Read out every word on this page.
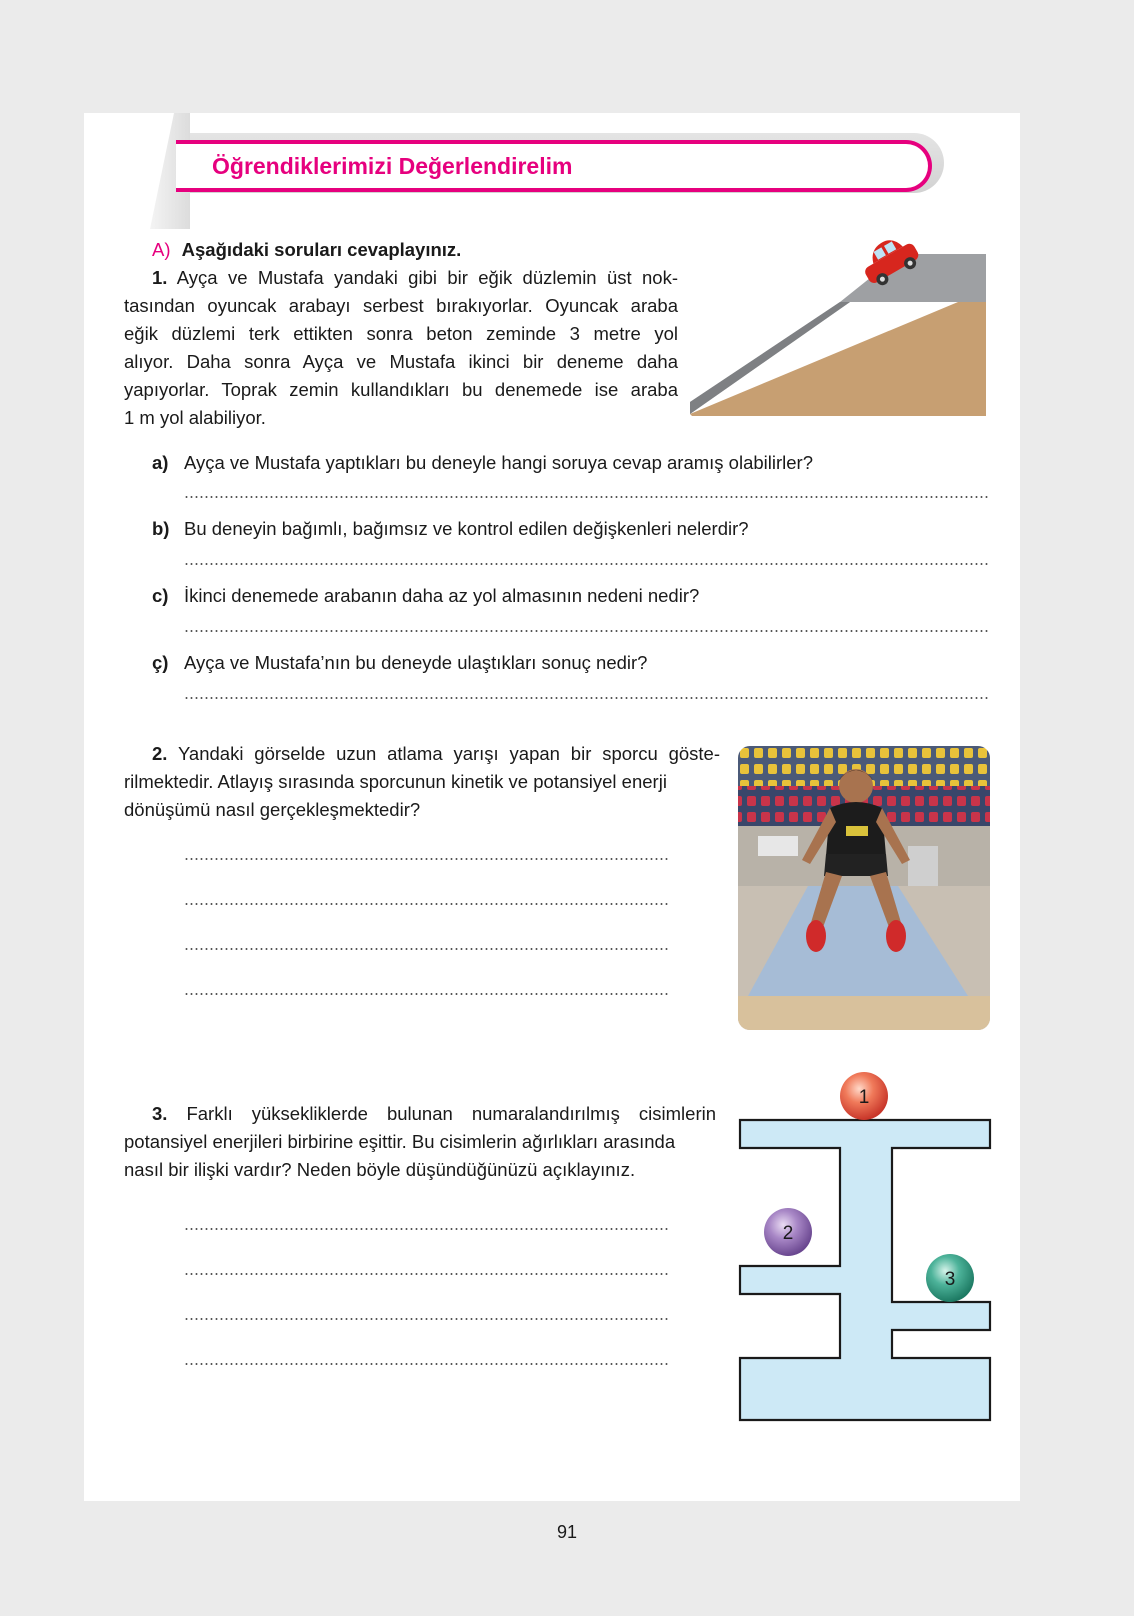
Öğrendiklerimizi Değerlendirelim
A) Aşağıdaki soruları cevaplayınız.
1. Ayça ve Mustafa yandaki gibi bir eğik düzlemin üst nok-
tasından oyuncak arabayı serbest bırakıyorlar. Oyuncak araba
eğik düzlemi terk ettikten sonra beton zeminde 3 metre yol
alıyor. Daha sonra Ayça ve Mustafa ikinci bir deneme daha
yapıyorlar. Toprak zemin kullandıkları bu denemede ise araba
1 m yol alabiliyor.
a) Ayça ve Mustafa yaptıkları bu deneyle hangi soruya cevap aramış olabilirler?
b) Bu deneyin bağımlı, bağımsız ve kontrol edilen değişkenleri nelerdir?
c) İkinci denemede arabanın daha az yol almasının nedeni nedir?
ç) Ayça ve Mustafa’nın bu deneyde ulaştıkları sonuç nedir?
2. Yandaki görselde uzun atlama yarışı yapan bir sporcu göste-
rilmektedir. Atlayış sırasında sporcunun kinetik ve potansiyel enerji
dönüşümü nasıl gerçekleşmektedir?
3. Farklı yüksekliklerde bulunan numaralandırılmış cisimlerin
potansiyel enerjileri birbirine eşittir. Bu cisimlerin ağırlıkları arasında
nasıl bir ilişki vardır? Neden böyle düşündüğünüzü açıklayınız.
1
2
3
91
